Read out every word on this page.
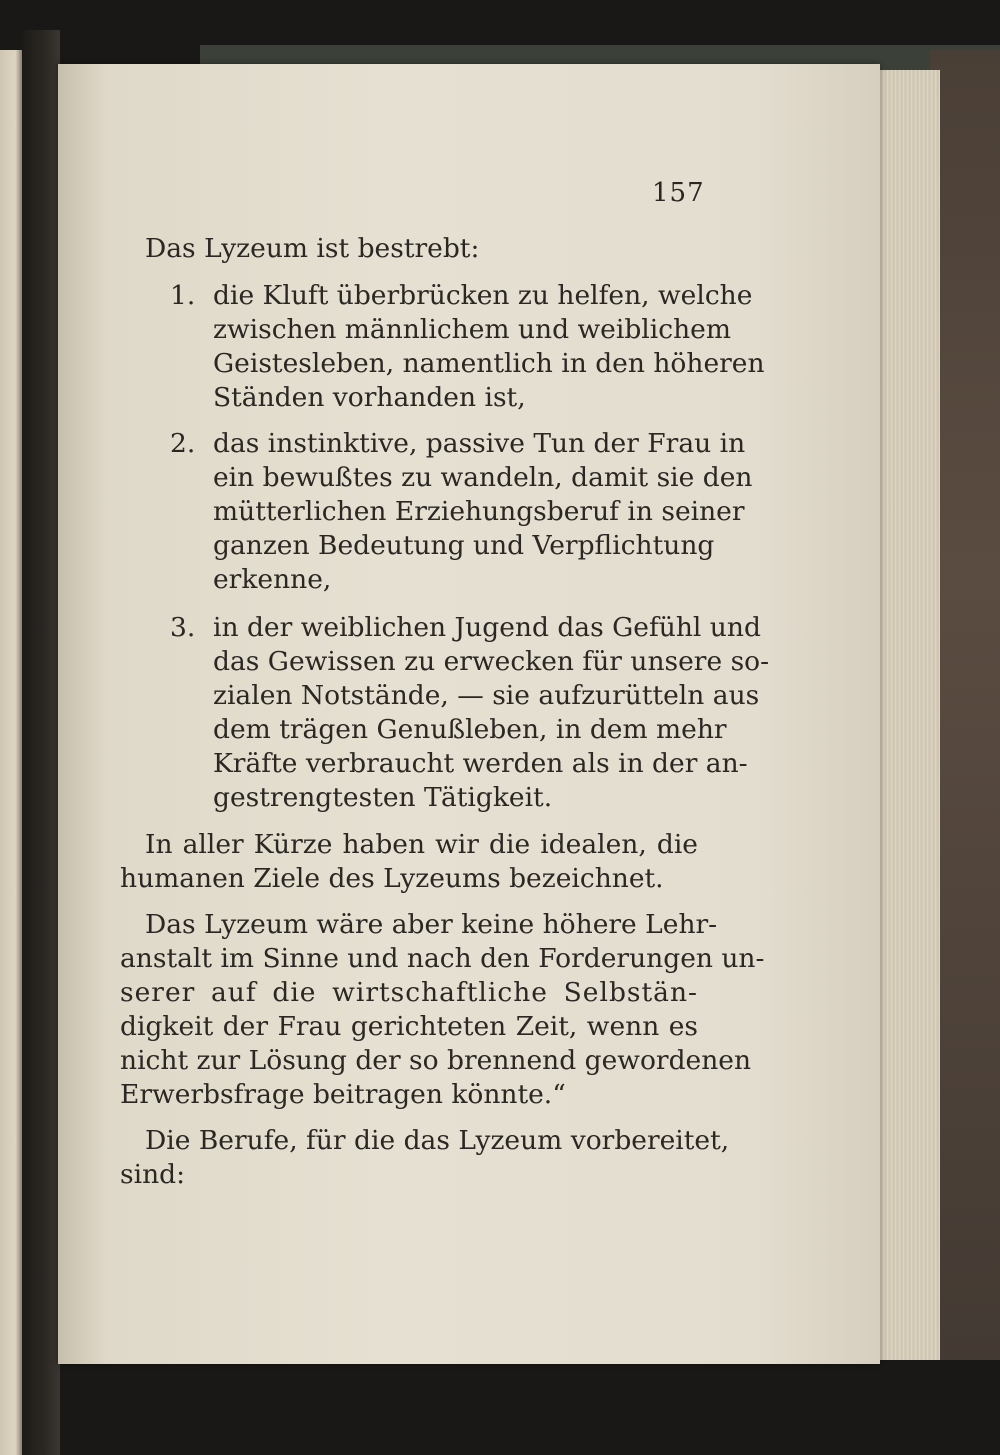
157
Das Lyzeum ist bestrebt:
1. die Kluft überbrücken zu helfen, welche
zwischen männlichem und weiblichem
Geistesleben, namentlich in den höheren
Ständen vorhanden ist,
2. das instinktive, passive Tun der Frau in
ein bewußtes zu wandeln, damit sie den
mütterlichen Erziehungsberuf in seiner
ganzen Bedeutung und Verpflichtung
erkenne,
3. in der weiblichen Jugend das Gefühl und
das Gewissen zu erwecken für unsere so-
zialen Notstände, — sie aufzurütteln aus
dem trägen Genußleben, in dem mehr
Kräfte verbraucht werden als in der an-
gestrengtesten Tätigkeit.
In aller Kürze haben wir die idealen, die
humanen Ziele des Lyzeums bezeichnet.
Das Lyzeum wäre aber keine höhere Lehr-
anstalt im Sinne und nach den Forderungen un-
serer auf die wirtschaftliche Selbstän-
digkeit der Frau gerichteten Zeit, wenn es
nicht zur Lösung der so brennend gewordenen
Erwerbsfrage beitragen könnte.“
Die Berufe, für die das Lyzeum vorbereitet,
sind:
